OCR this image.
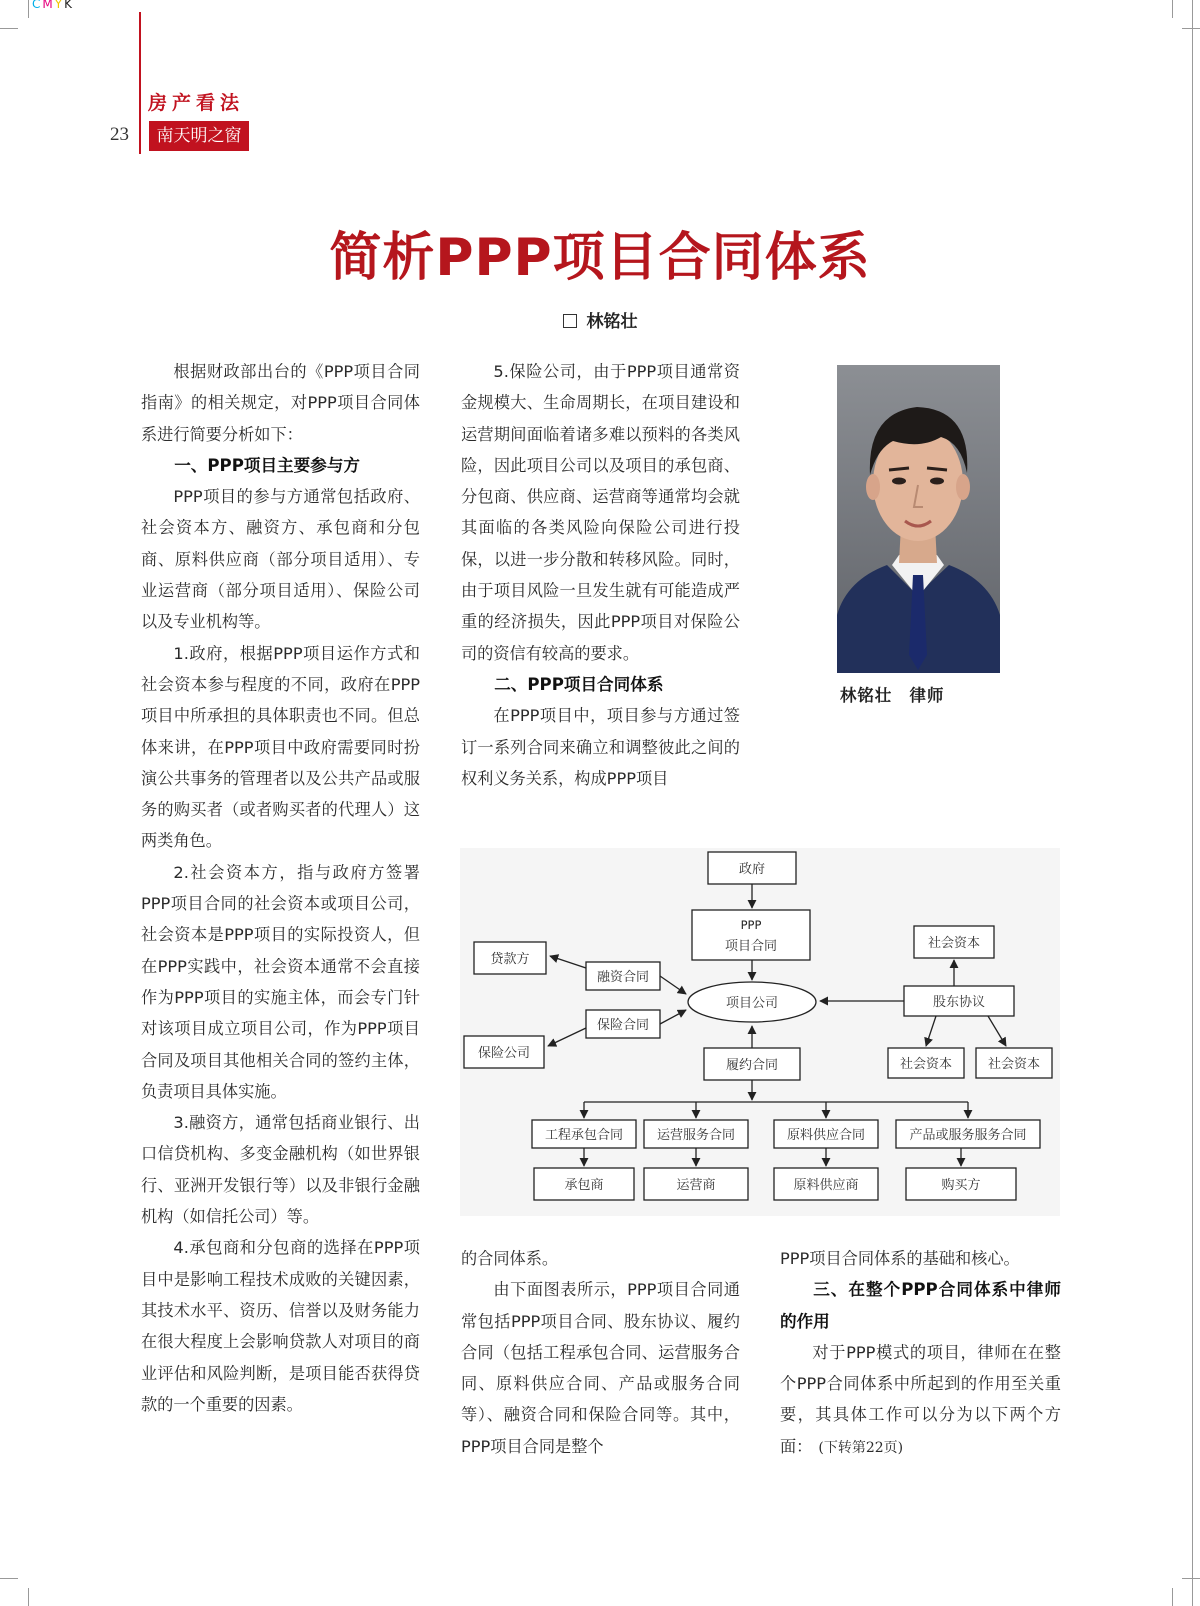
CMYK
房产看法
23	南天明之窗
简析PPP项目合同体系
林铭壮

根据财政部出台的《PPP项目合同指南》的相关规定，对PPP项目合同体系进行简要分析如下：

一、PPP项目主要参与方

PPP项目的参与方通常包括政府、社会资本方、融资方、承包商和分包商、原料供应商（部分项目适用）、专业运营商（部分项目适用）、保险公司以及专业机构等。

1.政府，根据PPP项目运作方式和社会资本参与程度的不同，政府在PPP项目中所承担的具体职责也不同。但总体来讲，在PPP项目中政府需要同时扮演公共事务的管理者以及公共产品或服务的购买者（或者购买者的代理人）这两类角色。

2.社会资本方，指与政府方签署PPP项目合同的社会资本或项目公司，社会资本是PPP项目的实际投资人，但在PPP实践中，社会资本通常不会直接作为PPP项目的实施主体，而会专门针对该项目成立项目公司，作为PPP项目合同及项目其他相关合同的签约主体，负责项目具体实施。

3.融资方，通常包括商业银行、出口信贷机构、多变金融机构（如世界银行、亚洲开发银行等）以及非银行金融机构（如信托公司）等。

4.承包商和分包商的选择在PPP项目中是影响工程技术成败的关键因素，其技术水平、资历、信誉以及财务能力在很大程度上会影响贷款人对项目的商业评估和风险判断，是项目能否获得贷款的一个重要的因素。

5.保险公司，由于PPP项目通常资金规模大、生命周期长，在项目建设和运营期间面临着诸多难以预料的各类风险，因此项目公司以及项目的承包商、分包商、供应商、运营商等通常均会就其面临的各类风险向保险公司进行投保，以进一步分散和转移风险。同时，由于项目风险一旦发生就有可能造成严重的经济损失，因此PPP项目对保险公司的资信有较高的要求。

二、PPP项目合同体系

在PPP项目中，项目参与方通过签订一系列合同来确立和调整彼此之间的权利义务关系，构成PPP项目

林铭壮　律师
政府
PPP
项目合同
项目公司
贷款方
融资合同
保险合同
保险公司
社会资本
股东协议
社会资本	社会资本
履约合同
工程承包合同	运营服务合同	原料供应合同	产品或服务服务合同
承包商	运营商	原料供应商	购买方

的合同体系。

由下面图表所示，PPP项目合同通常包括PPP项目合同、股东协议、履约合同（包括工程承包合同、运营服务合同、原料供应合同、产品或服务合同等）、融资合同和保险合同等。其中，PPP项目合同是整个

PPP项目合同体系的基础和核心。

三、在整个PPP合同体系中律师的作用

对于PPP模式的项目，律师在在整个PPP合同体系中所起到的作用至关重要，其具体工作可以分为以下两个方面： (下转第22页)
